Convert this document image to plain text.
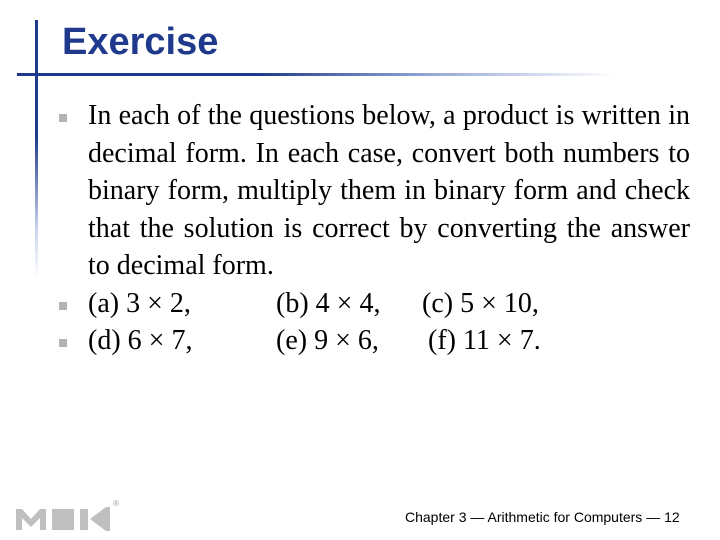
Exercise
In each of the questions below, a product is written in decimal form. In each case, convert both numbers to binary form, multiply them in binary form and check that the solution is correct by converting the answer to decimal form.
(a) 3 × 2,	(b) 4 × 4, (c) 5 × 10,
(d) 6 × 7,	(e) 9 × 6, (f) 11 × 7.
®
Chapter 3 — Arithmetic for Computers — 12
